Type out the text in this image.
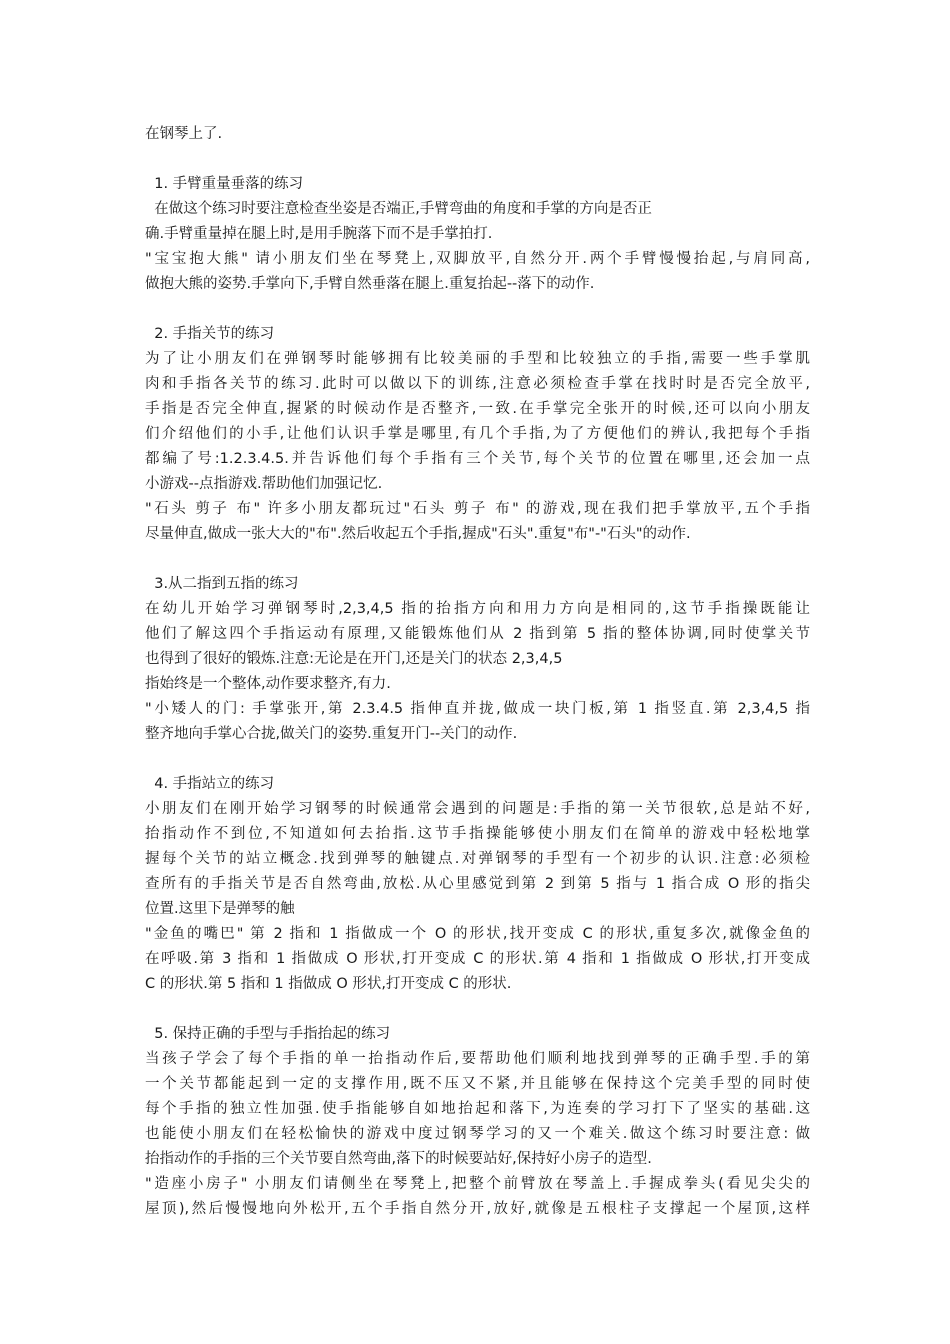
在钢琴上了.
1. 手臂重量垂落的练习
在做这个练习时要注意检查坐姿是否端正,手臂弯曲的角度和手掌的方向是否正
确.手臂重量掉在腿上时,是用手腕落下而不是手掌拍打.
"宝宝抱大熊" 请小朋友们坐在琴凳上,双脚放平,自然分开.两个手臂慢慢抬起,与肩同高,
做抱大熊的姿势.手掌向下,手臂自然垂落在腿上.重复抬起--落下的动作.
2. 手指关节的练习
为了让小朋友们在弹钢琴时能够拥有比较美丽的手型和比较独立的手指,需要一些手掌肌
肉和手指各关节的练习.此时可以做以下的训练,注意必须检查手掌在找时时是否完全放平,
手指是否完全伸直,握紧的时候动作是否整齐,一致.在手掌完全张开的时候,还可以向小朋友
们介绍他们的小手,让他们认识手掌是哪里,有几个手指,为了方便他们的辨认,我把每个手指
都编了号:1.2.3.4.5.并告诉他们每个手指有三个关节,每个关节的位置在哪里,还会加一点
小游戏--点指游戏.帮助他们加强记忆.
"石头 剪子 布" 许多小朋友都玩过"石头 剪子 布" 的游戏,现在我们把手掌放平,五个手指
尽量伸直,做成一张大大的"布".然后收起五个手指,握成"石头".重复"布"-"石头"的动作.
3.从二指到五指的练习
在幼儿开始学习弹钢琴时,2,3,4,5 指的抬指方向和用力方向是相同的,这节手指操既能让
他们了解这四个手指运动有原理,又能锻炼他们从 2 指到第 5 指的整体协调,同时使掌关节
也得到了很好的锻炼.注意:无论是在开门,还是关门的状态 2,3,4,5
指始终是一个整体,动作要求整齐,有力.
"小矮人的门: 手掌张开,第 2.3.4.5 指伸直并拢,做成一块门板,第 1 指竖直.第 2,3,4,5 指
整齐地向手掌心合拢,做关门的姿势.重复开门--关门的动作.
4. 手指站立的练习
小朋友们在刚开始学习钢琴的时候通常会遇到的问题是:手指的第一关节很软,总是站不好,
抬指动作不到位,不知道如何去抬指.这节手指操能够使小朋友们在简单的游戏中轻松地掌
握每个关节的站立概念.找到弹琴的触键点.对弹钢琴的手型有一个初步的认识.注意:必须检
查所有的手指关节是否自然弯曲,放松.从心里感觉到第 2 到第 5 指与 1 指合成 O 形的指尖
位置.这里下是弹琴的触
"金鱼的嘴巴" 第 2 指和 1 指做成一个 O 的形状,找开变成 C 的形状,重复多次,就像金鱼的
在呼吸.第 3 指和 1 指做成 O 形状,打开变成 C 的形状.第 4 指和 1 指做成 O 形状,打开变成
C 的形状.第 5 指和 1 指做成 O 形状,打开变成 C 的形状.
5. 保持正确的手型与手指抬起的练习
当孩子学会了每个手指的单一抬指动作后,要帮助他们顺利地找到弹琴的正确手型.手的第
一个关节都能起到一定的支撑作用,既不压又不紧,并且能够在保持这个完美手型的同时使
每个手指的独立性加强.使手指能够自如地抬起和落下,为连奏的学习打下了坚实的基础.这
也能使小朋友们在轻松愉快的游戏中度过钢琴学习的又一个难关.做这个练习时要注意: 做
抬指动作的手指的三个关节要自然弯曲,落下的时候要站好,保持好小房子的造型.
"造座小房子" 小朋友们请侧坐在琴凳上,把整个前臂放在琴盖上.手握成拳头(看见尖尖的
屋顶),然后慢慢地向外松开,五个手指自然分开,放好,就像是五根柱子支撑起一个屋顶,这样
